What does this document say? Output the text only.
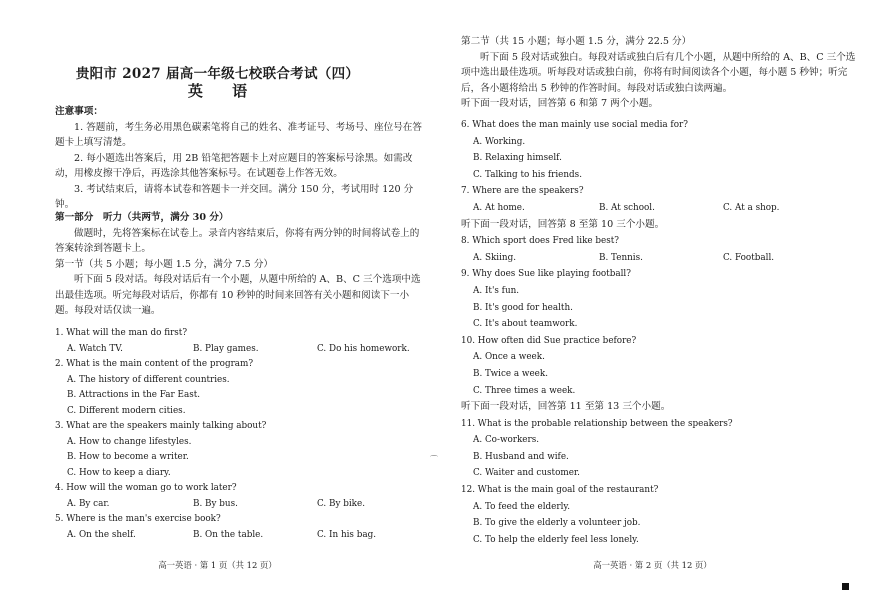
贵阳市 2027 届高一年级七校联合考试（四）
英 语
注意事项：
1. 答题前，考生务必用黑色碳素笔将自己的姓名、准考证号、考场号、座位号在答题卡上填写清楚。
2. 每小题选出答案后，用 2B 铅笔把答题卡上对应题目的答案标号涂黑。如需改动，用橡皮擦干净后，再选涂其他答案标号。在试题卷上作答无效。
3. 考试结束后，请将本试卷和答题卡一并交回。满分 150 分，考试用时 120 分钟。
第一部分　听力（共两节，满分 30 分）
做题时，先将答案标在试卷上。录音内容结束后，你将有两分钟的时间将试卷上的答案转涂到答题卡上。
第一节（共 5 小题；每小题 1.5 分，满分 7.5 分）
听下面 5 段对话。每段对话后有一个小题，从题中所给的 A、B、C 三个选项中选出最佳选项。听完每段对话后，你都有 10 秒钟的时间来回答有关小题和阅读下一小题。每段对话仅读一遍。
1. What will the man do first?
A. Watch TV.	B. Play games.	C. Do his homework.
2. What is the main content of the program?
A. The history of different countries.
B. Attractions in the Far East.
C. Different modern cities.
3. What are the speakers mainly talking about?
A. How to change lifestyles.
B. How to become a writer.
C. How to keep a diary.
4. How will the woman go to work later?
A. By car.	B. By bus.	C. By bike.
5. Where is the man's exercise book?
A. On the shelf.	B. On the table.	C. In his bag.
高一英语 · 第 1 页（共 12 页）
第二节（共 15 小题；每小题 1.5 分，满分 22.5 分）
听下面 5 段对话或独白。每段对话或独白后有几个小题，从题中所给的 A、B、C 三个选项中选出最佳选项。听每段对话或独白前，你将有时间阅读各个小题，每小题 5 秒钟；听完后，各小题将给出 5 秒钟的作答时间。每段对话或独白读两遍。
听下面一段对话，回答第 6 和第 7 两个小题。
6. What does the man mainly use social media for?
A. Working.
B. Relaxing himself.
C. Talking to his friends.
7. Where are the speakers?
A. At home.	B. At school.	C. At a shop.
听下面一段对话，回答第 8 至第 10 三个小题。
8. Which sport does Fred like best?
A. Skiing.	B. Tennis.	C. Football.
9. Why does Sue like playing football?
A. It's fun.
B. It's good for health.
C. It's about teamwork.
10. How often did Sue practice before?
A. Once a week.
B. Twice a week.
C. Three times a week.
听下面一段对话，回答第 11 至第 13 三个小题。
11. What is the probable relationship between the speakers?
A. Co-workers.
B. Husband and wife.
C. Waiter and customer.
12. What is the main goal of the restaurant?
A. To feed the elderly.
B. To give the elderly a volunteer job.
C. To help the elderly feel less lonely.
高一英语 · 第 2 页（共 12 页）
⌒
